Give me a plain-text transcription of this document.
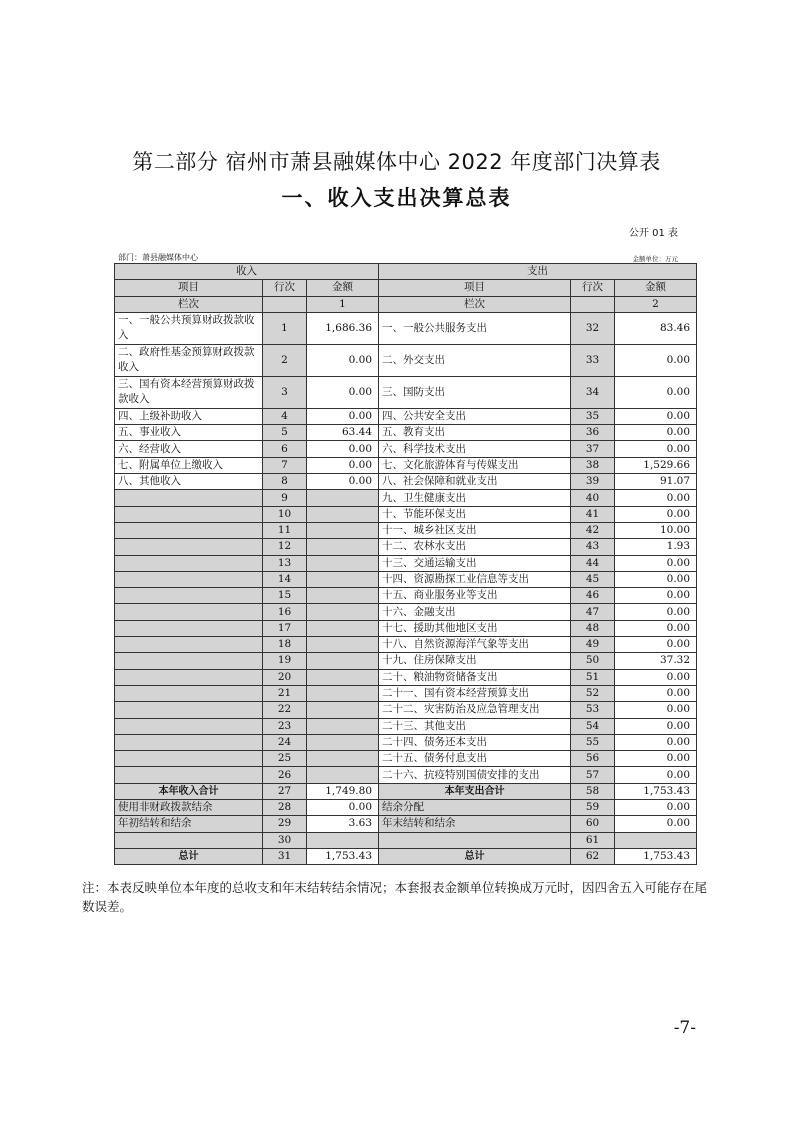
第二部分 宿州市萧县融媒体中心 2022 年度部门决算表
一、收入支出决算总表
公开 01 表
部门：萧县融媒体中心	金额单位：万元
收入			支出		
项目	行次	金额	项目	行次	金额
栏次		1	栏次		2
一、一般公共预算财政拨款收入	1	1,686.36	一、一般公共服务支出	32	83.46
二、政府性基金预算财政拨款收入	2	0.00	二、外交支出	33	0.00
三、国有资本经营预算财政拨款收入	3	0.00	三、国防支出	34	0.00
四、上级补助收入	4	0.00	四、公共安全支出	35	0.00
五、事业收入	5	63.44	五、教育支出	36	0.00
六、经营收入	6	0.00	六、科学技术支出	37	0.00
七、附属单位上缴收入	7	0.00	七、文化旅游体育与传媒支出	38	1,529.66
八、其他收入	8	0.00	八、社会保障和就业支出	39	91.07
	9		九、卫生健康支出	40	0.00
	10		十、节能环保支出	41	0.00
	11		十一、城乡社区支出	42	10.00
	12		十二、农林水支出	43	1.93
	13		十三、交通运输支出	44	0.00
	14		十四、资源勘探工业信息等支出	45	0.00
	15		十五、商业服务业等支出	46	0.00
	16		十六、金融支出	47	0.00
	17		十七、援助其他地区支出	48	0.00
	18		十八、自然资源海洋气象等支出	49	0.00
	19		十九、住房保障支出	50	37.32
	20		二十、粮油物资储备支出	51	0.00
	21		二十一、国有资本经营预算支出	52	0.00
	22		二十二、灾害防治及应急管理支出	53	0.00
	23		二十三、其他支出	54	0.00
	24		二十四、债务还本支出	55	0.00
	25		二十五、债务付息支出	56	0.00
	26		二十六、抗疫特别国债安排的支出	57	0.00
本年收入合计	27	1,749.80	本年支出合计	58	1,753.43
使用非财政拨款结余	28	0.00	结余分配	59	0.00
年初结转和结余	29	3.63	年末结转和结余	60	0.00
	30			61	
总计	31	1,753.43	总计	62	1,753.43
注：本表反映单位本年度的总收支和年末结转结余情况；本套报表金额单位转换成万元时，因四舍五入可能存在尾数误差。
-7-
